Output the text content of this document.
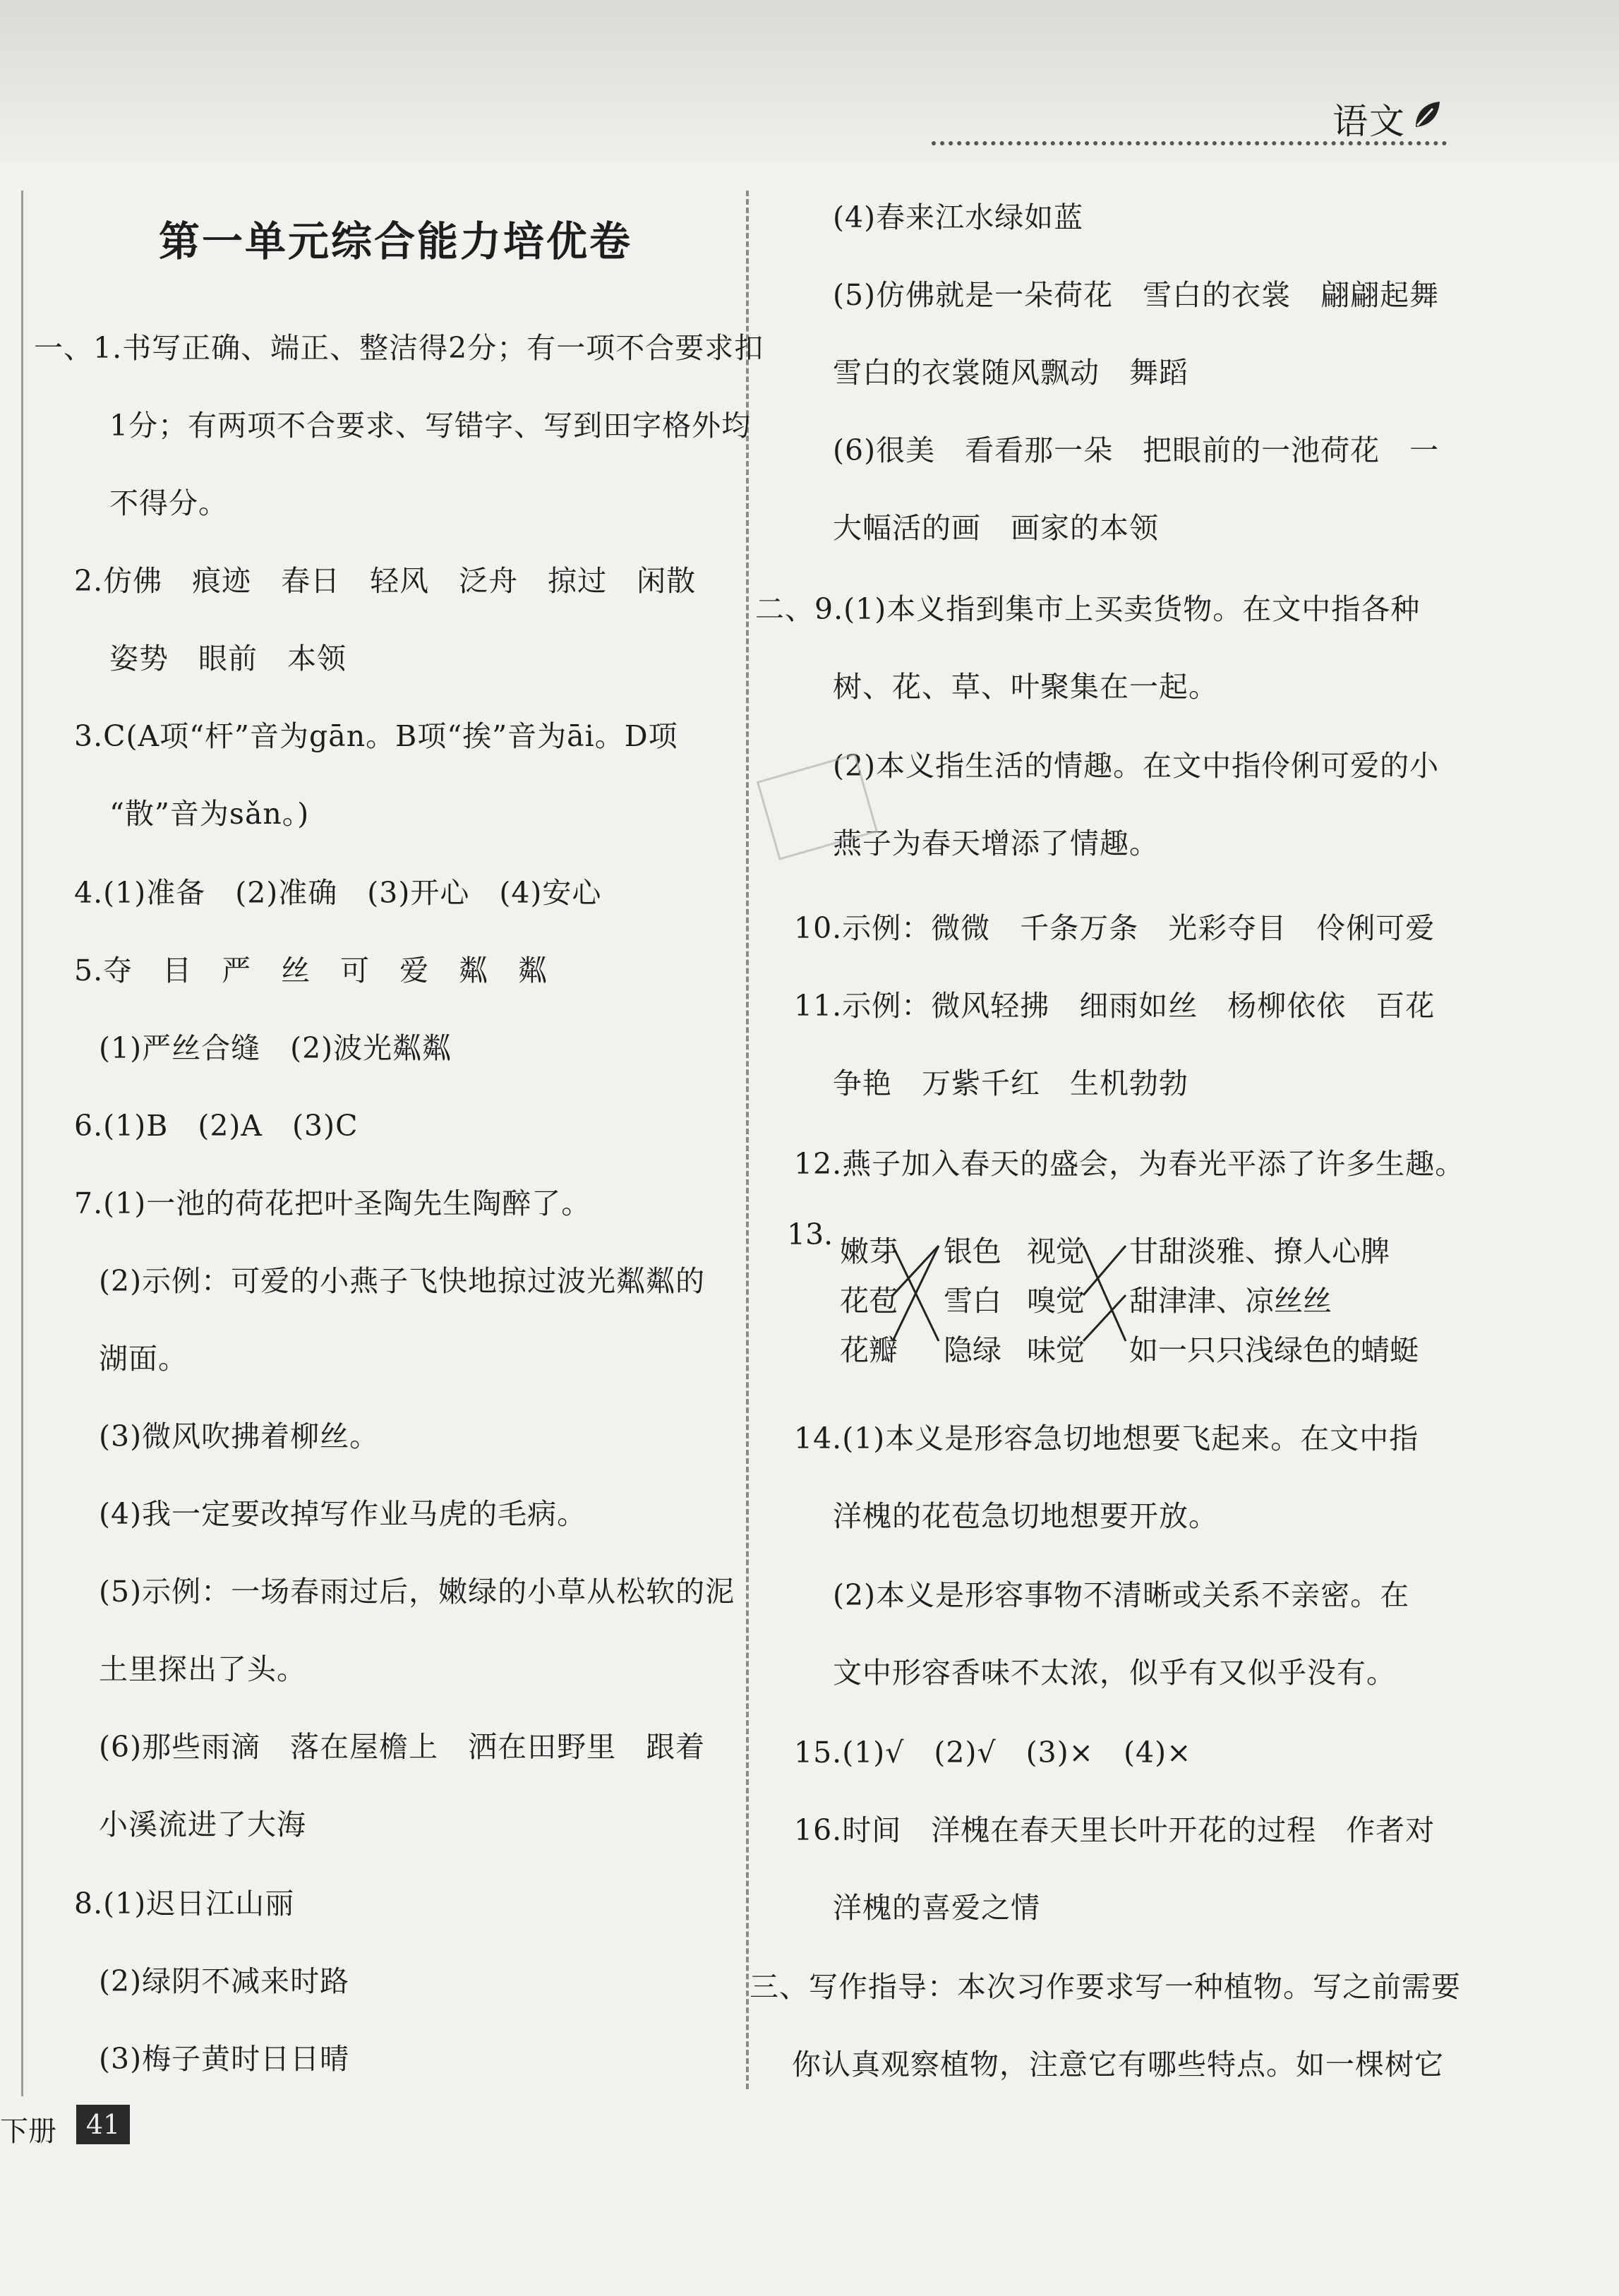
语文
第一单元综合能力培优卷
一、1.书写正确、端正、整洁得2分；有一项不合要求扣
1分；有两项不合要求、写错字、写到田字格外均
不得分。
2.仿佛　痕迹　春日　轻风　泛舟　掠过　闲散
姿势　眼前　本领
3.C(A项“杆”音为gān。B项“挨”音为āi。D项
“散”音为sǎn。)
4.(1)准备　(2)准确　(3)开心　(4)安心
5.夺　目　严　丝　可　爱　粼　粼
(1)严丝合缝　(2)波光粼粼
6.(1)B　(2)A　(3)C
7.(1)一池的荷花把叶圣陶先生陶醉了。
(2)示例：可爱的小燕子飞快地掠过波光粼粼的
湖面。
(3)微风吹拂着柳丝。
(4)我一定要改掉写作业马虎的毛病。
(5)示例：一场春雨过后，嫩绿的小草从松软的泥
土里探出了头。
(6)那些雨滴　落在屋檐上　洒在田野里　跟着
小溪流进了大海
8.(1)迟日江山丽
(2)绿阴不减来时路
(3)梅子黄时日日晴
(4)春来江水绿如蓝
(5)仿佛就是一朵荷花　雪白的衣裳　翩翩起舞
雪白的衣裳随风飘动　舞蹈
(6)很美　看看那一朵　把眼前的一池荷花　一
大幅活的画　画家的本领
二、9.(1)本义指到集市上买卖货物。在文中指各种
树、花、草、叶聚集在一起。
(2)本义指生活的情趣。在文中指伶俐可爱的小
燕子为春天增添了情趣。
10.示例：微微　千条万条　光彩夺目　伶俐可爱
11.示例：微风轻拂　细雨如丝　杨柳依依　百花
争艳　万紫千红　生机勃勃
12.燕子加入春天的盛会，为春光平添了许多生趣。
13. 嫩芽
花苞
花瓣
银色
雪白
隐绿
视觉
嗅觉
味觉
甘甜淡雅、撩人心脾
甜津津、凉丝丝
如一只只浅绿色的蜻蜓
14.(1)本义是形容急切地想要飞起来。在文中指
洋槐的花苞急切地想要开放。
(2)本义是形容事物不清晰或关系不亲密。在
文中形容香味不太浓，似乎有又似乎没有。
15.(1)√　(2)√　(3)×　(4)×
16.时间　洋槐在春天里长叶开花的过程　作者对
洋槐的喜爱之情
三、写作指导：本次习作要求写一种植物。写之前需要
你认真观察植物，注意它有哪些特点。如一棵树它
下册	41
